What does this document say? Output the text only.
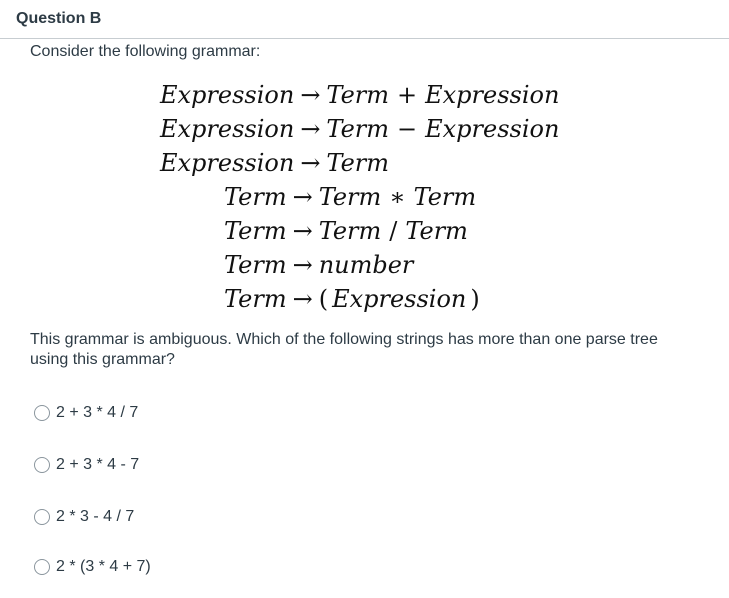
Question B

Consider the following grammar:

Expression → Term + Expression
Expression → Term − Expression
Expression → Term
Term → Term ∗ Term
Term → Term / Term
Term → number
Term → ( Expression )

This grammar is ambiguous. Which of the following strings has more than one parse tree using this grammar?

2 + 3 * 4 / 7
2 + 3 * 4 - 7
2 * 3 - 4 / 7
2 * (3 * 4 + 7)
